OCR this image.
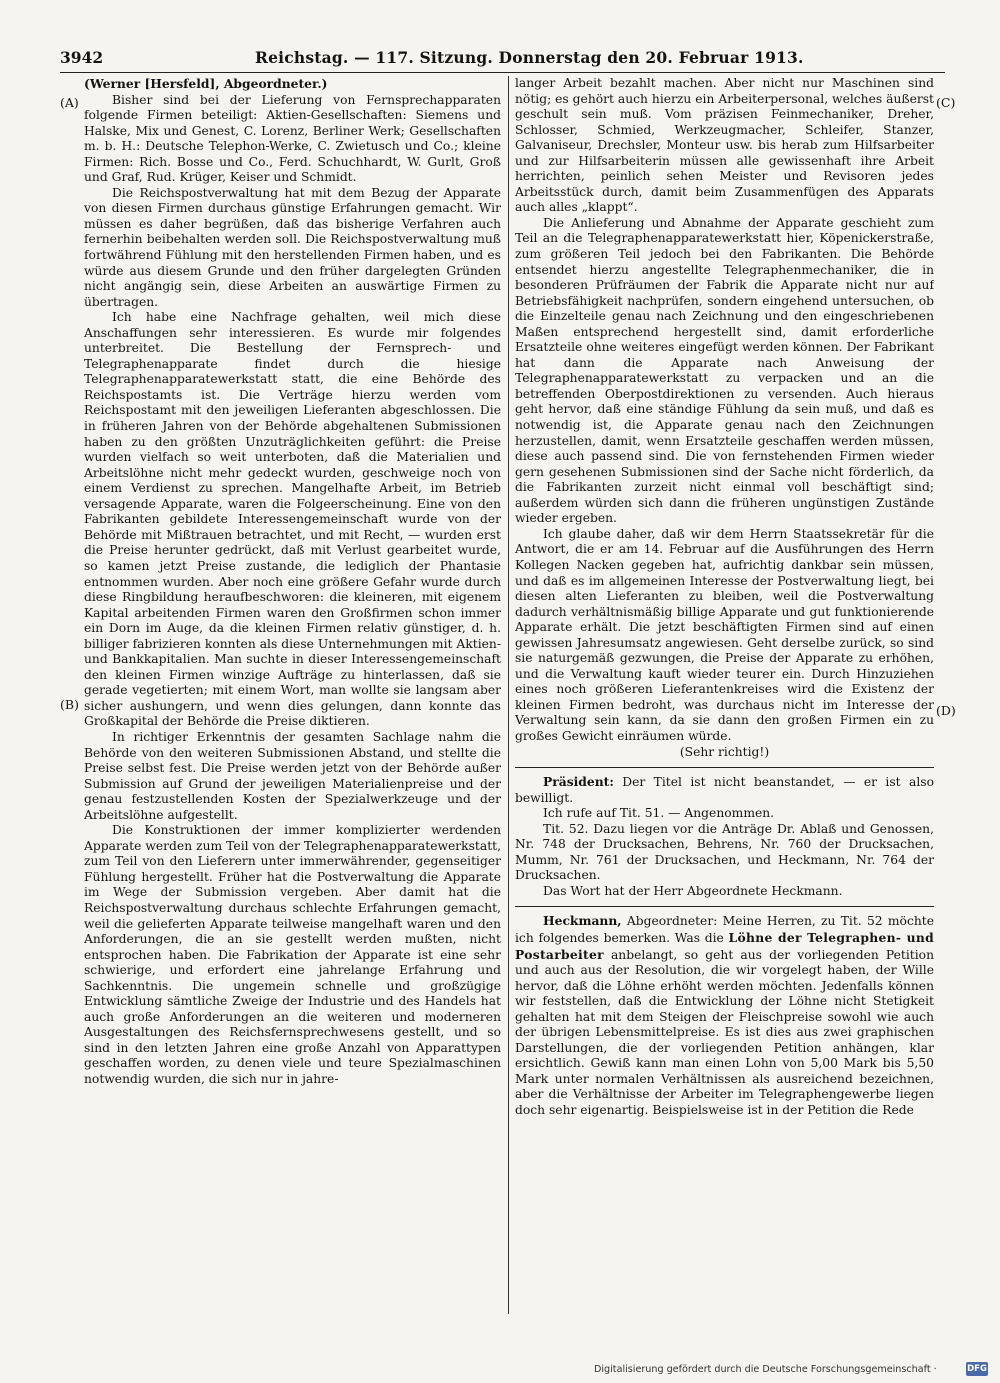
3942	Reichstag. — 117. Sitzung. Donnerstag den 20. Februar 1913.
(A)
(B)
(C)
(D)

(Werner [Hersfeld], Abgeordneter.)

Bisher sind bei der Lieferung von Fernsprechapparaten folgende Firmen beteiligt: Aktien-Gesellschaften: Siemens und Halske, Mix und Genest, C. Lorenz, Berliner Werk; Gesellschaften m. b. H.: Deutsche Telephon-Werke, C. Zwietusch und Co.; kleine Firmen: Rich. Bosse und Co., Ferd. Schuchhardt, W. Gurlt, Groß und Graf, Rud. Krüger, Keiser und Schmidt.

Die Reichspostverwaltung hat mit dem Bezug der Apparate von diesen Firmen durchaus günstige Erfahrungen gemacht. Wir müssen es daher begrüßen, daß das bisherige Verfahren auch fernerhin beibehalten werden soll. Die Reichspostverwaltung muß fortwährend Fühlung mit den herstellenden Firmen haben, und es würde aus diesem Grunde und den früher dargelegten Gründen nicht angängig sein, diese Arbeiten an auswärtige Firmen zu übertragen.

Ich habe eine Nachfrage gehalten, weil mich diese Anschaffungen sehr interessieren. Es wurde mir folgendes unterbreitet. Die Bestellung der Fernsprech- und Telegraphenapparate findet durch die hiesige Telegraphenapparatewerkstatt statt, die eine Behörde des Reichspostamts ist. Die Verträge hierzu werden vom Reichspostamt mit den jeweiligen Lieferanten abgeschlossen. Die in früheren Jahren von der Behörde abgehaltenen Submissionen haben zu den größten Unzuträglichkeiten geführt: die Preise wurden vielfach so weit unterboten, daß die Materialien und Arbeitslöhne nicht mehr gedeckt wurden, geschweige noch von einem Verdienst zu sprechen. Mangelhafte Arbeit, im Betrieb versagende Apparate, waren die Folgeerscheinung. Eine von den Fabrikanten gebildete Interessengemeinschaft wurde von der Behörde mit Mißtrauen betrachtet, und mit Recht, — wurden erst die Preise herunter gedrückt, daß mit Verlust gearbeitet wurde, so kamen jetzt Preise zustande, die lediglich der Phantasie entnommen wurden. Aber noch eine größere Gefahr wurde durch diese Ringbildung heraufbeschworen: die kleineren, mit eigenem Kapital arbeitenden Firmen waren den Großfirmen schon immer ein Dorn im Auge, da die kleinen Firmen relativ günstiger, d. h. billiger fabrizieren konnten als diese Unternehmungen mit Aktien- und Bankkapitalien. Man suchte in dieser Interessengemeinschaft den kleinen Firmen winzige Aufträge zu hinterlassen, daß sie gerade vegetierten; mit einem Wort, man wollte sie langsam aber sicher aushungern, und wenn dies gelungen, dann konnte das Großkapital der Behörde die Preise diktieren.

In richtiger Erkenntnis der gesamten Sachlage nahm die Behörde von den weiteren Submissionen Abstand, und stellte die Preise selbst fest. Die Preise werden jetzt von der Behörde außer Submission auf Grund der jeweiligen Materialienpreise und der genau festzustellenden Kosten der Spezialwerkzeuge und der Arbeitslöhne aufgestellt.

Die Konstruktionen der immer komplizierter werdenden Apparate werden zum Teil von der Telegraphenapparatewerkstatt, zum Teil von den Lieferern unter immerwährender, gegenseitiger Fühlung hergestellt. Früher hat die Postverwaltung die Apparate im Wege der Submission vergeben. Aber damit hat die Reichspostverwaltung durchaus schlechte Erfahrungen gemacht, weil die gelieferten Apparate teilweise mangelhaft waren und den Anforderungen, die an sie gestellt werden mußten, nicht entsprochen haben. Die Fabrikation der Apparate ist eine sehr schwierige, und erfordert eine jahrelange Erfahrung und Sachkenntnis. Die ungemein schnelle und großzügige Entwicklung sämtliche Zweige der Industrie und des Handels hat auch große Anforderungen an die weiteren und moderneren Ausgestaltungen des Reichsfernsprechwesens gestellt, und so sind in den letzten Jahren eine große Anzahl von Apparattypen geschaffen worden, zu denen viele und teure Spezialmaschinen notwendig wurden, die sich nur in jahre-

langer Arbeit bezahlt machen. Aber nicht nur Maschinen sind nötig; es gehört auch hierzu ein Arbeiterpersonal, welches äußerst geschult sein muß. Vom präzisen Feinmechaniker, Dreher, Schlosser, Schmied, Werkzeugmacher, Schleifer, Stanzer, Galvaniseur, Drechsler, Monteur usw. bis herab zum Hilfsarbeiter und zur Hilfsarbeiterin müssen alle gewissenhaft ihre Arbeit herrichten, peinlich sehen Meister und Revisoren jedes Arbeitsstück durch, damit beim Zusammenfügen des Apparats auch alles „klappt“.

Die Anlieferung und Abnahme der Apparate geschieht zum Teil an die Telegraphenapparatewerkstatt hier, Köpenickerstraße, zum größeren Teil jedoch bei den Fabrikanten. Die Behörde entsendet hierzu angestellte Telegraphenmechaniker, die in besonderen Prüfräumen der Fabrik die Apparate nicht nur auf Betriebsfähigkeit nachprüfen, sondern eingehend untersuchen, ob die Einzelteile genau nach Zeichnung und den eingeschriebenen Maßen entsprechend hergestellt sind, damit erforderliche Ersatzteile ohne weiteres eingefügt werden können. Der Fabrikant hat dann die Apparate nach Anweisung der Telegraphenapparatewerkstatt zu verpacken und an die betreffenden Oberpostdirektionen zu versenden. Auch hieraus geht hervor, daß eine ständige Fühlung da sein muß, und daß es notwendig ist, die Apparate genau nach den Zeichnungen herzustellen, damit, wenn Ersatzteile geschaffen werden müssen, diese auch passend sind. Die von fernstehenden Firmen wieder gern gesehenen Submissionen sind der Sache nicht förderlich, da die Fabrikanten zurzeit nicht einmal voll beschäftigt sind; außerdem würden sich dann die früheren ungünstigen Zustände wieder ergeben.

Ich glaube daher, daß wir dem Herrn Staatssekretär für die Antwort, die er am 14. Februar auf die Ausführungen des Herrn Kollegen Nacken gegeben hat, aufrichtig dankbar sein müssen, und daß es im allgemeinen Interesse der Postverwaltung liegt, bei diesen alten Lieferanten zu bleiben, weil die Postverwaltung dadurch verhältnismäßig billige Apparate und gut funktionierende Apparate erhält. Die jetzt beschäftigten Firmen sind auf einen gewissen Jahresumsatz angewiesen. Geht derselbe zurück, so sind sie naturgemäß gezwungen, die Preise der Apparate zu erhöhen, und die Verwaltung kauft wieder teurer ein. Durch Hinzuziehen eines noch größeren Lieferantenkreises wird die Existenz der kleinen Firmen bedroht, was durchaus nicht im Interesse der Verwaltung sein kann, da sie dann den großen Firmen ein zu großes Gewicht einräumen würde.

(Sehr richtig!)

Präsident: Der Titel ist nicht beanstandet, — er ist also bewilligt.

Ich rufe auf Tit. 51. — Angenommen.

Tit. 52. Dazu liegen vor die Anträge Dr. Ablaß und Genossen, Nr. 748 der Drucksachen, Behrens, Nr. 760 der Drucksachen, Mumm, Nr. 761 der Drucksachen, und Heckmann, Nr. 764 der Drucksachen.

Das Wort hat der Herr Abgeordnete Heckmann.

Heckmann, Abgeordneter: Meine Herren, zu Tit. 52 möchte ich folgendes bemerken. Was die Löhne der Telegraphen- und Postarbeiter anbelangt, so geht aus der vorliegenden Petition und auch aus der Resolution, die wir vorgelegt haben, der Wille hervor, daß die Löhne erhöht werden möchten. Jedenfalls können wir feststellen, daß die Entwicklung der Löhne nicht Stetigkeit gehalten hat mit dem Steigen der Fleischpreise sowohl wie auch der übrigen Lebensmittelpreise. Es ist dies aus zwei graphischen Darstellungen, die der vorliegenden Petition anhängen, klar ersichtlich. Gewiß kann man einen Lohn von 5,00 Mark bis 5,50 Mark unter normalen Verhältnissen als ausreichend bezeichnen, aber die Verhältnisse der Arbeiter im Telegraphengewerbe liegen doch sehr eigenartig. Beispielsweise ist in der Petition die Rede

Digitalisierung gefördert durch die Deutsche Forschungsgemeinschaft ·	DFG
